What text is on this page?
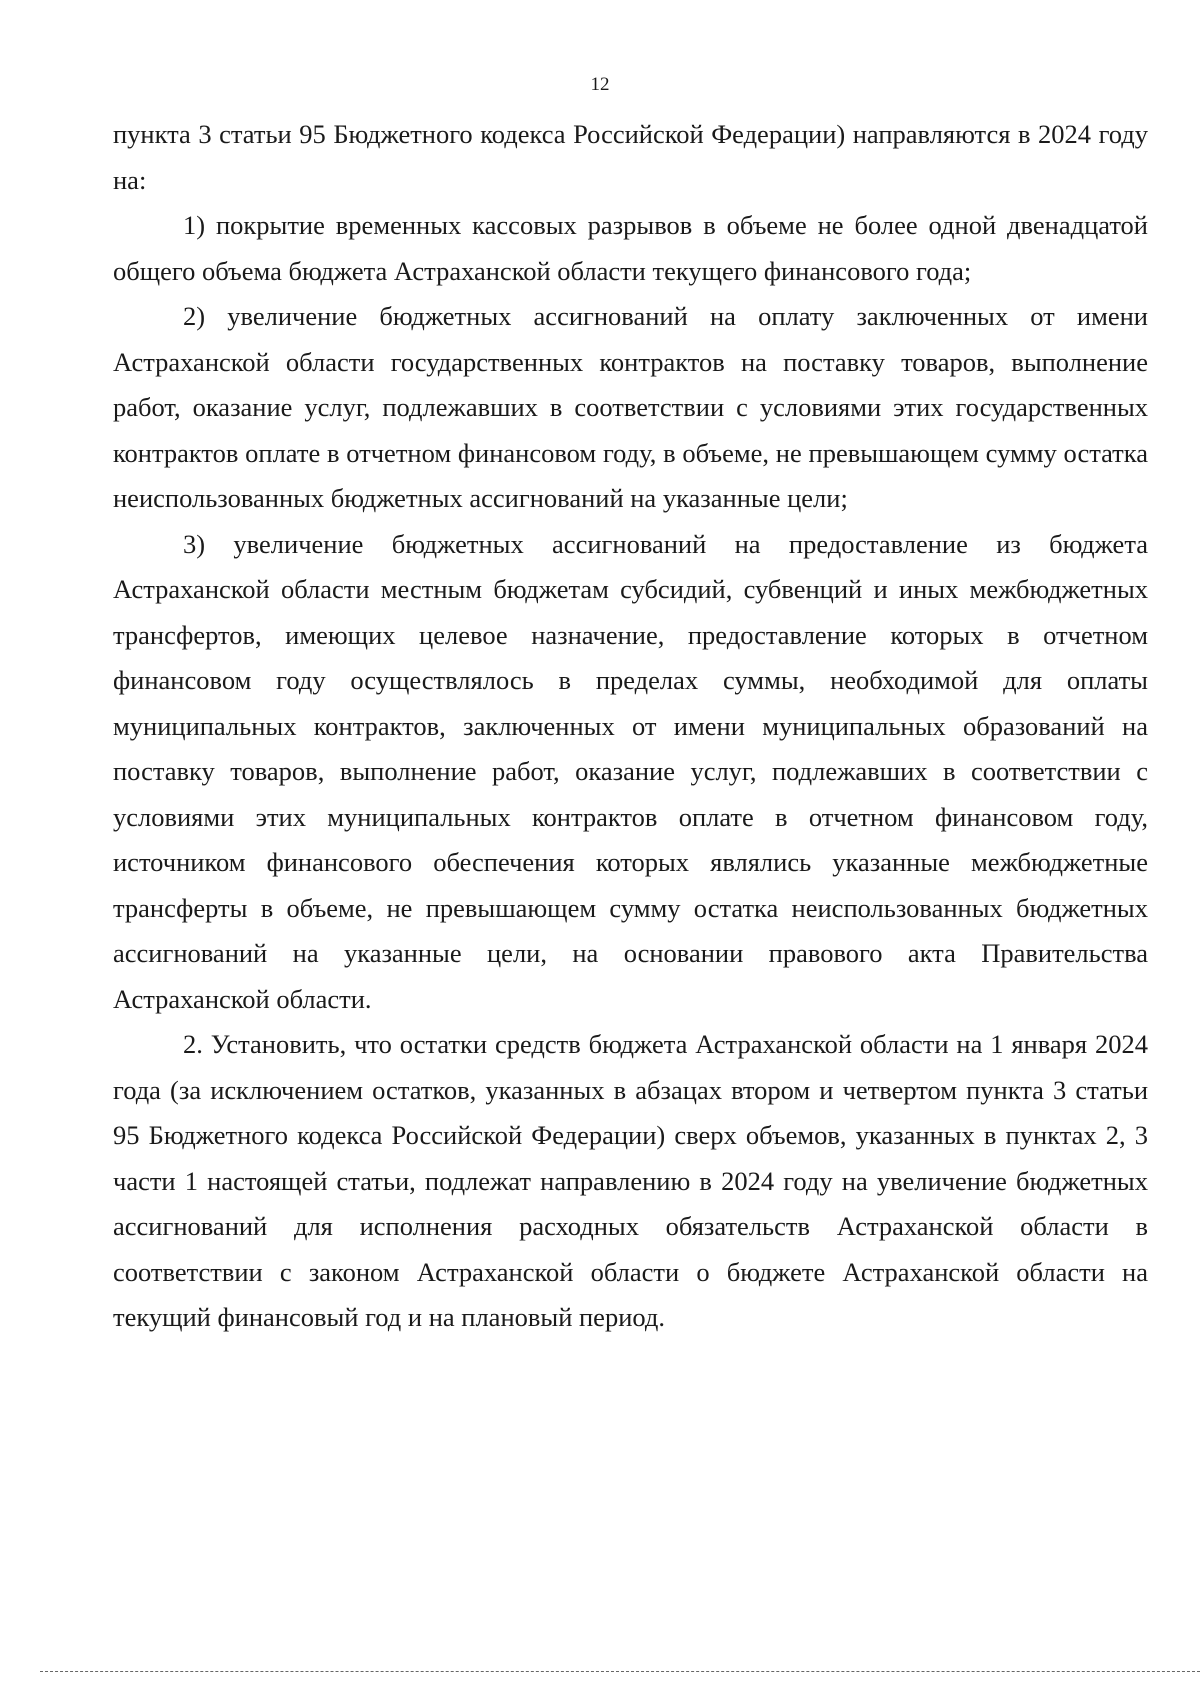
12

пункта 3 статьи 95 Бюджетного кодекса Российской Федерации) направляются в 2024 году на:

1) покрытие временных кассовых разрывов в объеме не более одной двенадцатой общего объема бюджета Астраханской области текущего финансового года;

2) увеличение бюджетных ассигнований на оплату заключенных от имени Астраханской области государственных контрактов на поставку товаров, выполнение работ, оказание услуг, подлежавших в соответствии с условиями этих государственных контрактов оплате в отчетном финансовом году, в объеме, не превышающем сумму остатка неиспользованных бюджетных ассигнований на указанные цели;

3) увеличение бюджетных ассигнований на предоставление из бюджета Астраханской области местным бюджетам субсидий, субвенций и иных межбюджетных трансфертов, имеющих целевое назначение, предоставление которых в отчетном финансовом году осуществлялось в пределах суммы, необходимой для оплаты муниципальных контрактов, заключенных от имени муниципальных образований на поставку товаров, выполнение работ, оказание услуг, подлежавших в соответствии с условиями этих муниципальных контрактов оплате в отчетном финансовом году, источником финансового обеспечения которых являлись указанные межбюджетные трансферты в объеме, не превышающем сумму остатка неиспользованных бюджетных ассигнований на указанные цели, на основании правового акта Правительства Астраханской области.

2. Установить, что остатки средств бюджета Астраханской области на 1 января 2024 года (за исключением остатков, указанных в абзацах втором и четвертом пункта 3 статьи 95 Бюджетного кодекса Российской Федерации) сверх объемов, указанных в пунктах 2, 3 части 1 настоящей статьи, подлежат направлению в 2024 году на увеличение бюджетных ассигнований для исполнения расходных обязательств Астраханской области в соответствии с законом Астраханской области о бюджете Астраханской области на текущий финансовый год и на плановый период.
